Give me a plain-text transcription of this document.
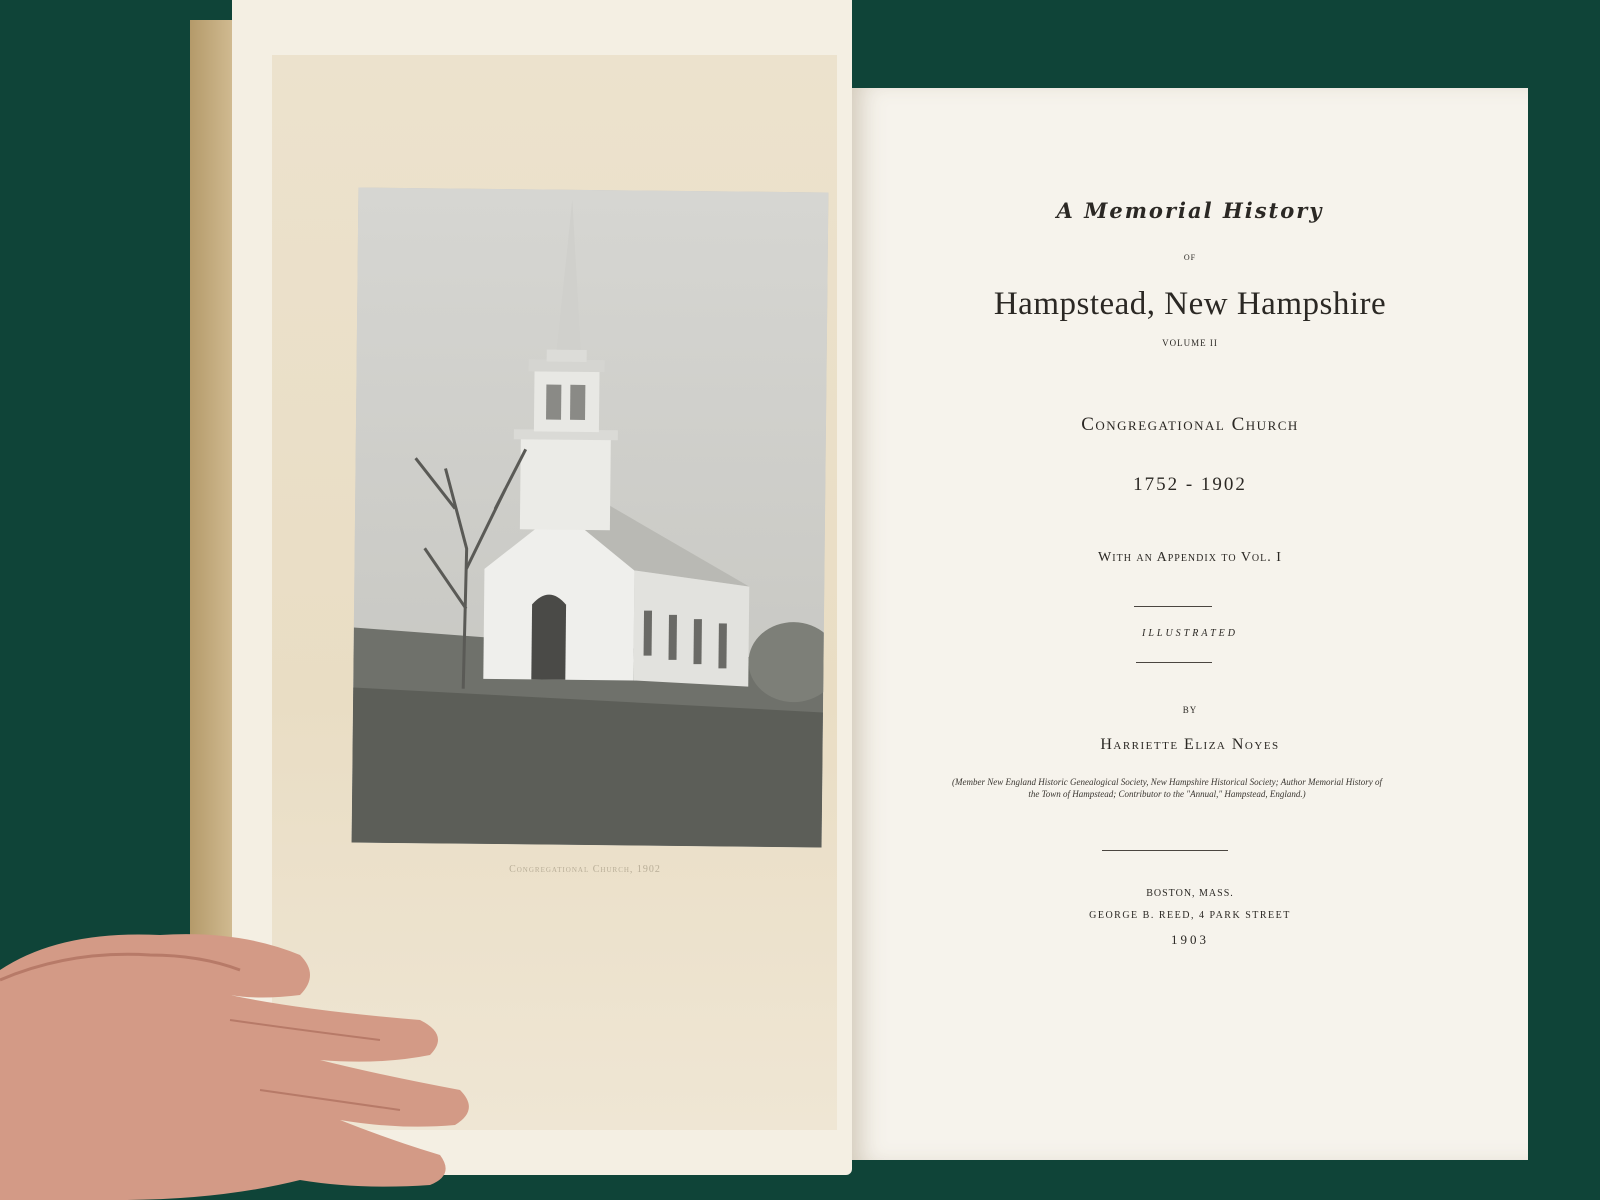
Congregational Church, 1902
A Memorial History
OF
Hampstead, New Hampshire
VOLUME II
Congregational Church
1752 - 1902
With an Appendix to Vol. I
ILLUSTRATED
BY
Harriette Eliza Noyes
(Member New England Historic Genealogical Society, New Hampshire Historical Society; Author Memorial History of the Town of Hampstead; Contributor to the "Annual," Hampstead, England.)
BOSTON, MASS.
GEORGE B. REED, 4 PARK STREET
1903
